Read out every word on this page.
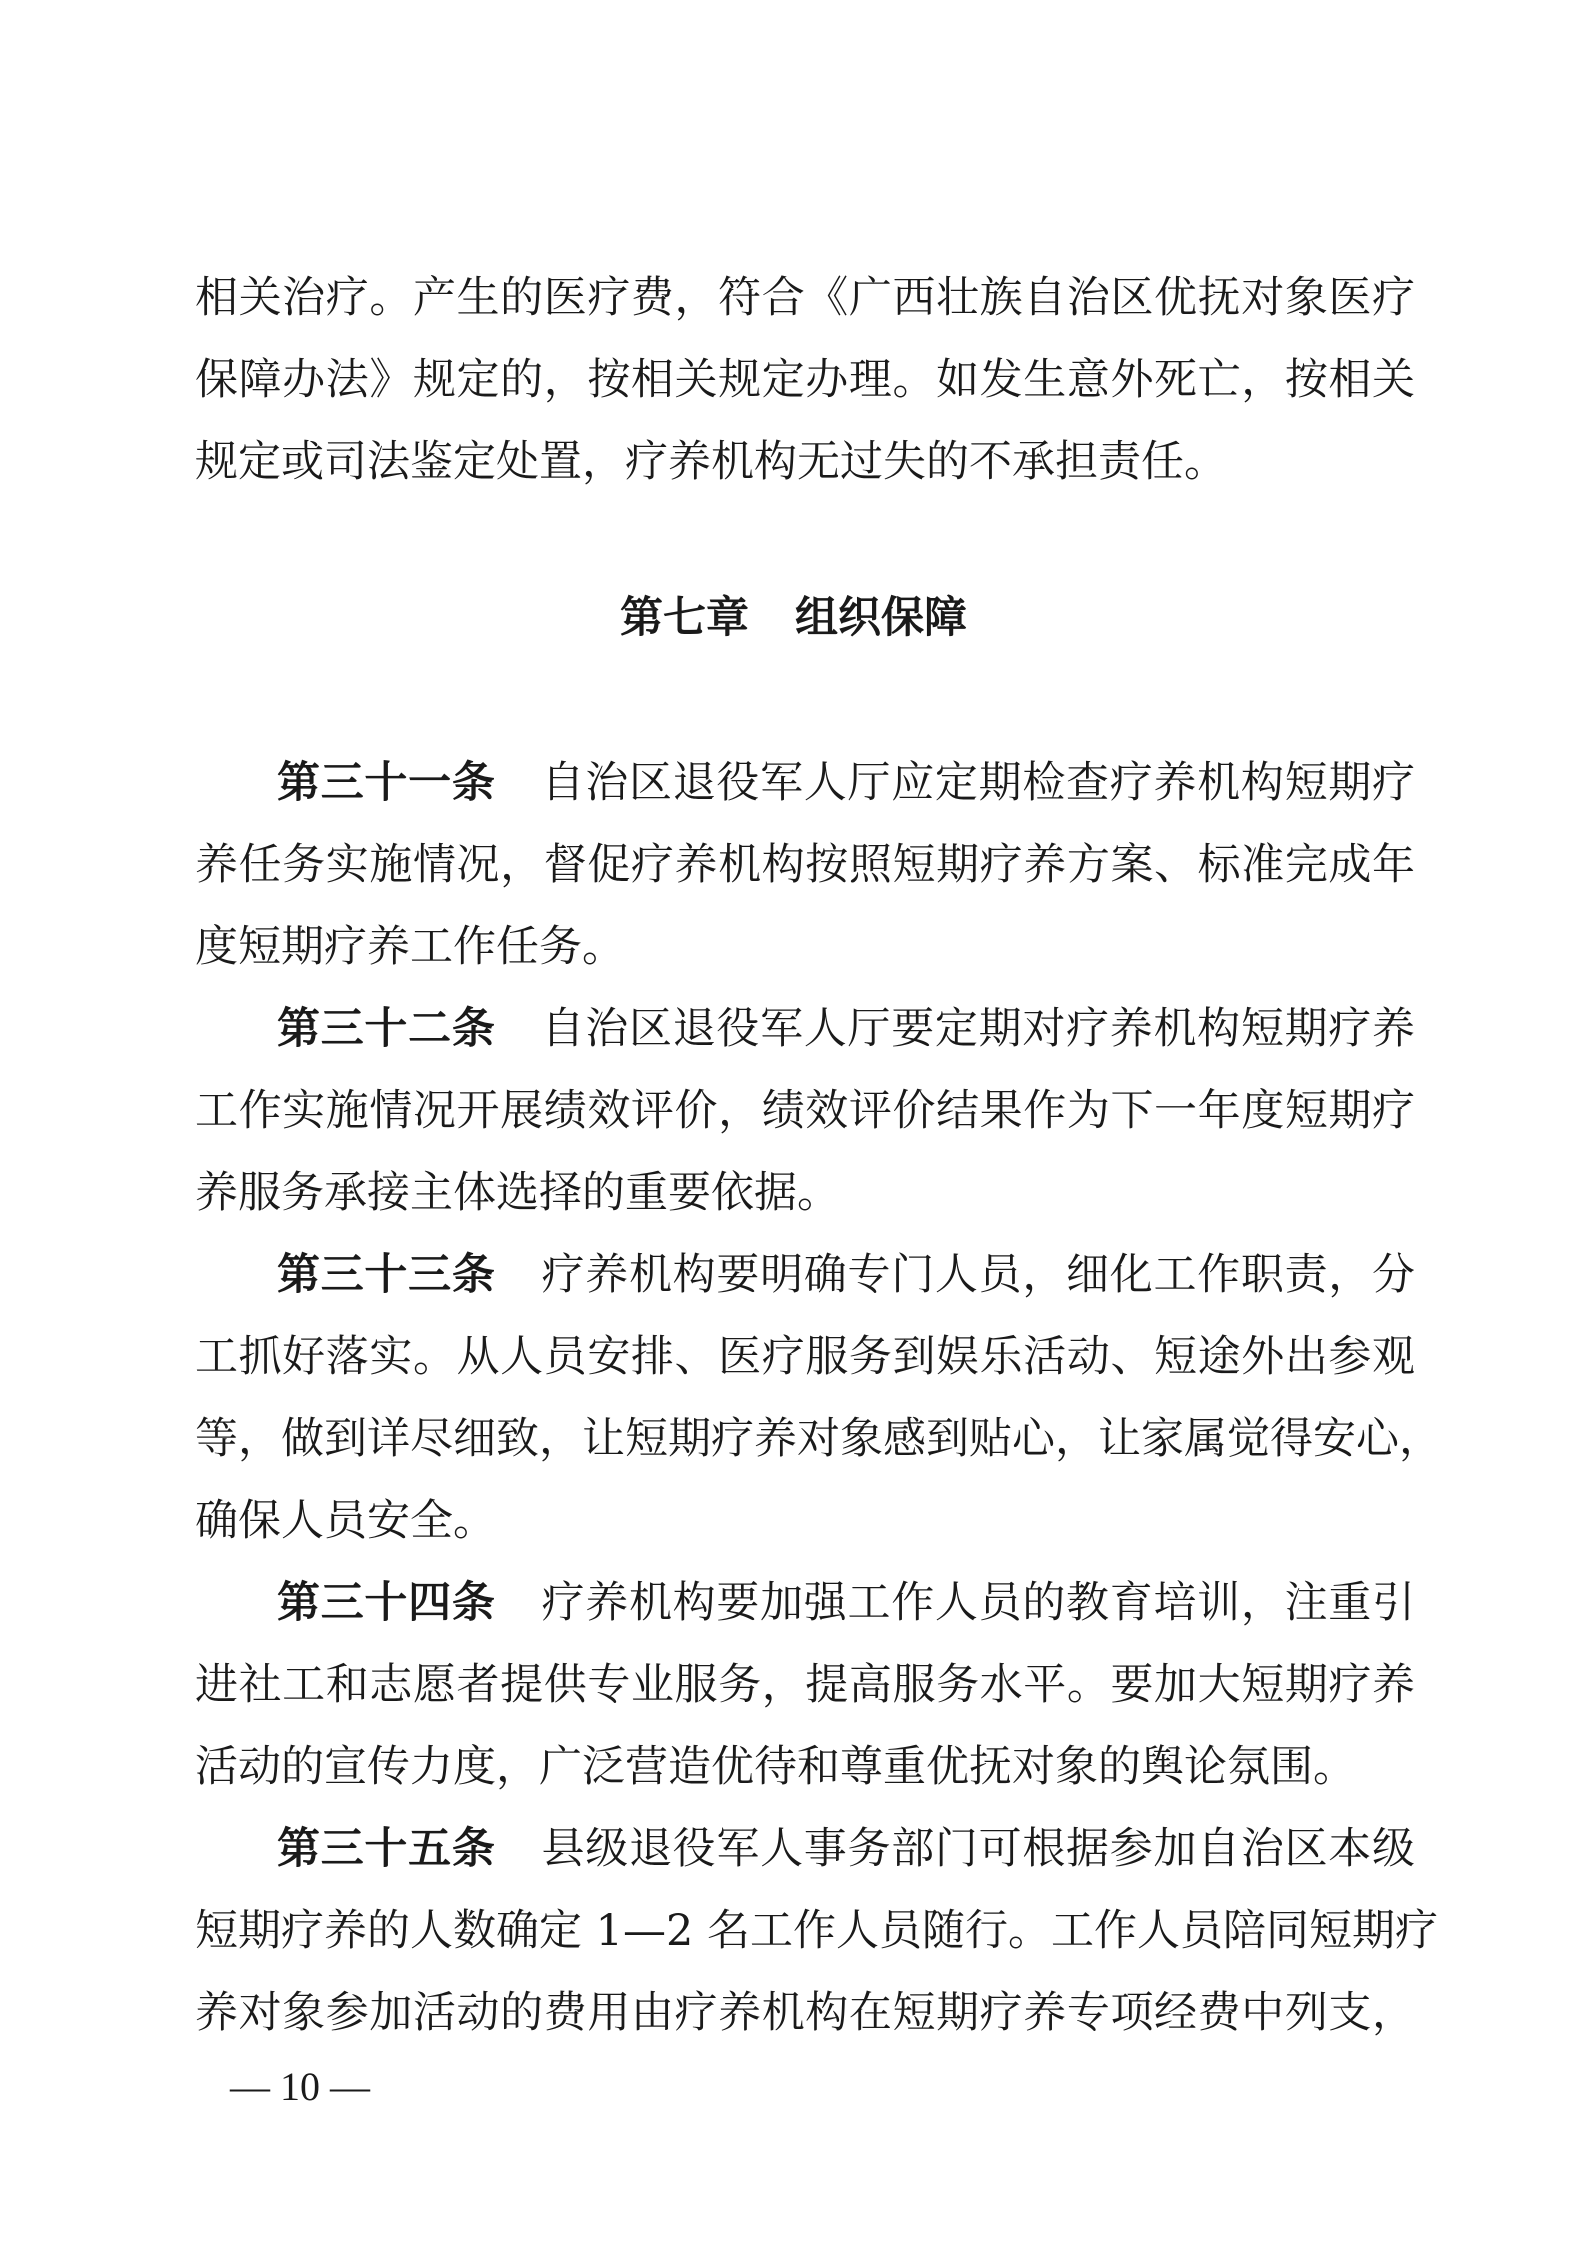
相关治疗。产生的医疗费，符合《广西壮族自治区优抚对象医疗
保障办法》规定的，按相关规定办理。如发生意外死亡，按相关
规定或司法鉴定处置，疗养机构无过失的不承担责任。
第七章 组织保障
第三十一条 自治区退役军人厅应定期检查疗养机构短期疗
养任务实施情况，督促疗养机构按照短期疗养方案、标准完成年
度短期疗养工作任务。
第三十二条 自治区退役军人厅要定期对疗养机构短期疗养
工作实施情况开展绩效评价，绩效评价结果作为下一年度短期疗
养服务承接主体选择的重要依据。
第三十三条 疗养机构要明确专门人员，细化工作职责，分
工抓好落实。从人员安排、医疗服务到娱乐活动、短途外出参观
等，做到详尽细致，让短期疗养对象感到贴心，让家属觉得安心，
确保人员安全。
第三十四条 疗养机构要加强工作人员的教育培训，注重引
进社工和志愿者提供专业服务，提高服务水平。要加大短期疗养
活动的宣传力度，广泛营造优待和尊重优抚对象的舆论氛围。
第三十五条 县级退役军人事务部门可根据参加自治区本级
短期疗养的人数确定 1—2 名工作人员随行。工作人员陪同短期疗
养对象参加活动的费用由疗养机构在短期疗养专项经费中列支，
— 10 —
